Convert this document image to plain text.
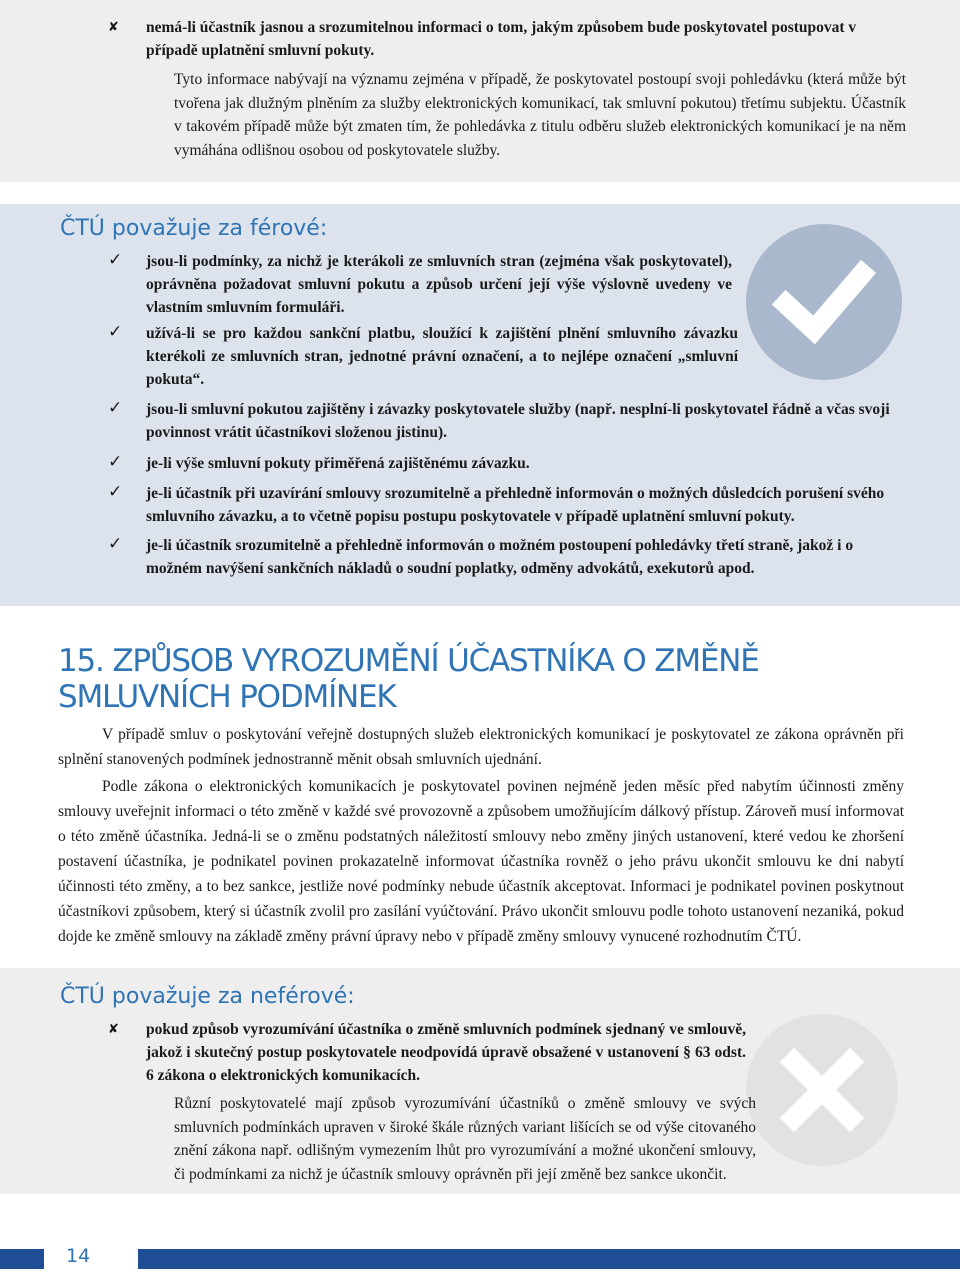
✘ nemá-li účastník jasnou a srozumitelnou informaci o tom, jakým způsobem bude poskytovatel postupovat v případě uplatnění smluvní pokuty.
Tyto informace nabývají na významu zejména v případě, že poskytovatel postoupí svoji pohledávku (která může být tvořena jak dlužným plněním za služby elektronických komunikací, tak smluvní pokutou) třetímu subjektu. Účastník v takovém případě může být zmaten tím, že pohledávka z titulu odběru služeb elektronických komunikací je na něm vymáhána odlišnou osobou od poskytovatele služby.
ČTÚ považuje za férové:
✓ jsou-li podmínky, za nichž je kterákoli ze smluvních stran (zejména však poskytovatel), oprávněna požadovat smluvní pokutu a způsob určení její výše výslovně uvedeny ve vlastním smluvním formuláři.
✓ užívá-li se pro každou sankční platbu, sloužící k zajištění plnění smluvního závazku kterékoli ze smluvních stran, jednotné právní označení, a to nejlépe označení „smluvní pokuta“.
✓ jsou-li smluvní pokutou zajištěny i závazky poskytovatele služby (např. nesplní-li poskytovatel řádně a včas svoji povinnost vrátit účastníkovi složenou jistinu).
✓ je-li výše smluvní pokuty přiměřená zajištěnému závazku.
✓ je-li účastník při uzavírání smlouvy srozumitelně a přehledně informován o možných důsledcích porušení svého smluvního závazku, a to včetně popisu postupu poskytovatele v případě uplatnění smluvní pokuty.
✓ je-li účastník srozumitelně a přehledně informován o možném postoupení pohledávky třetí straně, jakož i o možném navýšení sankčních nákladů o soudní poplatky, odměny advokátů, exekutorů apod.
15. ZPŮSOB VYROZUMĚNÍ ÚČASTNÍKA O ZMĚNĚ SMLUVNÍCH PODMÍNEK

V případě smluv o poskytování veřejně dostupných služeb elektronických komunikací je poskytovatel ze zákona oprávněn při splnění stanovených podmínek jednostranně měnit obsah smluvních ujednání.

Podle zákona o elektronických komunikacích je poskytovatel povinen nejméně jeden měsíc před nabytím účinnosti změny smlouvy uveřejnit informaci o této změně v každé své provozovně a způsobem umožňujícím dálkový přístup. Zároveň musí informovat o této změně účastníka. Jedná-li se o změnu podstatných náležitostí smlouvy nebo změny jiných ustanovení, které vedou ke zhoršení postavení účastníka, je podnikatel povinen prokazatelně informovat účastníka rovněž o jeho právu ukončit smlouvu ke dni nabytí účinnosti této změny, a to bez sankce, jestliže nové podmínky nebude účastník akceptovat. Informaci je podnikatel povinen poskytnout účastníkovi způsobem, který si účastník zvolil pro zasílání vyúčtování. Právo ukončit smlouvu podle tohoto ustanovení nezaniká, pokud dojde ke změně smlouvy na základě změny právní úpravy nebo v případě změny smlouvy vynucené rozhodnutím ČTÚ.

ČTÚ považuje za neférové:
✘ pokud způsob vyrozumívání účastníka o změně smluvních podmínek sjednaný ve smlouvě, jakož i skutečný postup poskytovatele neodpovídá úpravě obsažené v ustanovení § 63 odst. 6 zákona o elektronických komunikacích.
Různí poskytovatelé mají způsob vyrozumívání účastníků o změně smlouvy ve svých smluvních podmínkách upraven v široké škále různých variant lišících se od výše citovaného znění zákona např. odlišným vymezením lhůt pro vyrozumívání a možné ukončení smlouvy, či podmínkami za nichž je účastník smlouvy oprávněn při její změně bez sankce ukončit.
14
